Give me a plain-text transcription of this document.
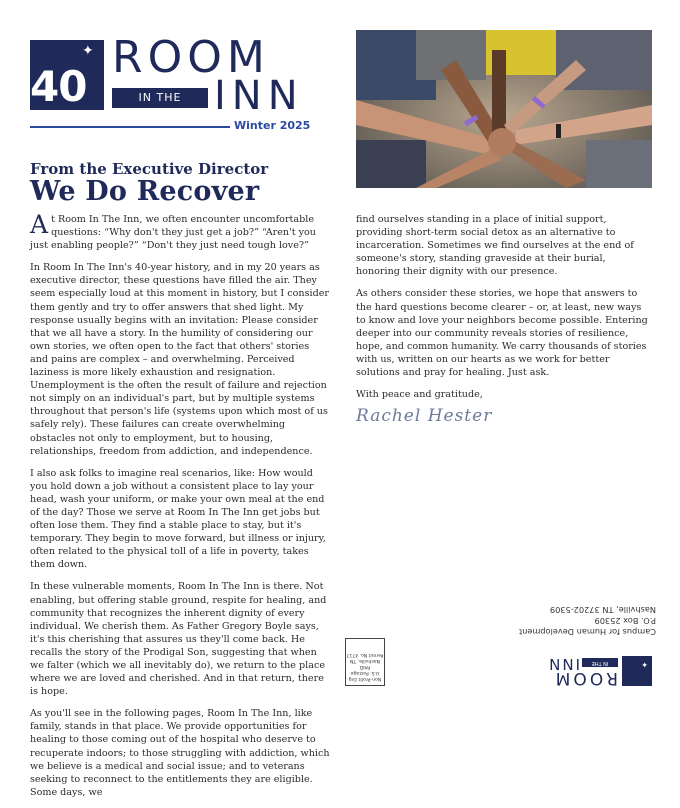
✦
40
ROOM
IN THE INN
Winter 2025
From the Executive Director
We Do Recover

At Room In The Inn, we often encounter uncomfortable questions: “Why don't they just get a job?” “Aren't you just enabling people?” “Don't they just need tough love?”

In Room In The Inn's 40-year history, and in my 20 years as executive director, these questions have filled the air. They seem especially loud at this moment in history, but I consider them gently and try to offer answers that shed light. My response usually begins with an invitation: Please consider that we all have a story. In the humility of considering our own stories, we often open to the fact that others' stories and pains are complex – and overwhelming. Perceived laziness is more likely exhaustion and resignation. Unemployment is the often the result of failure and rejection not simply on an individual's part, but by multiple systems throughout that person's life (systems upon which most of us safely rely). These failures can create overwhelming obstacles not only to employment, but to housing, relationships, freedom from addiction, and independence.

I also ask folks to imagine real scenarios, like: How would you hold down a job without a consistent place to lay your head, wash your uniform, or make your own meal at the end of the day? Those we serve at Room In The Inn get jobs but often lose them. They find a stable place to stay, but it's temporary. They begin to move forward, but illness or injury, often related to the physical toll of a life in poverty, takes them down.

In these vulnerable moments, Room In The Inn is there. Not enabling, but offering stable ground, respite for healing, and community that recognizes the inherent dignity of every individual. We cherish them. As Father Gregory Boyle says, it's this cherishing that assures us they'll come back. He recalls the story of the Prodigal Son, suggesting that when we falter (which we all inevitably do), we return to the place where we are loved and cherished. And in that return, there is hope.

As you'll see in the following pages, Room In The Inn, like family, stands in that place. We provide opportunities for healing to those coming out of the hospital who deserve to recuperate indoors; to those struggling with addiction, which we believe is a medical and social issue; and to veterans seeking to reconnect to the entitlements they are eligible. Some days, we

find ourselves standing in a place of initial support, providing short-term social detox as an alternative to incarceration. Sometimes we find ourselves at the end of someone's story, standing graveside at their burial, honoring their dignity with our presence.

As others consider these stories, we hope that answers to the hard questions become clearer – or, at least, new ways to know and love your neighbors become possible. Entering deeper into our community reveals stories of resilience, hope, and common humanity. We carry thousands of stories with us, written on our hearts as we work for better solutions and pray for healing. Just ask.

With peace and gratitude,

Rachel Hester
Non-Profit Org
U.S. Postage
PAID
Nashville, TN
Permit No. 4717
Campus for Human Development
P.O. Box 25309
Nashville, TN 37202-5309
✦
ROOM
IN THE
INN
